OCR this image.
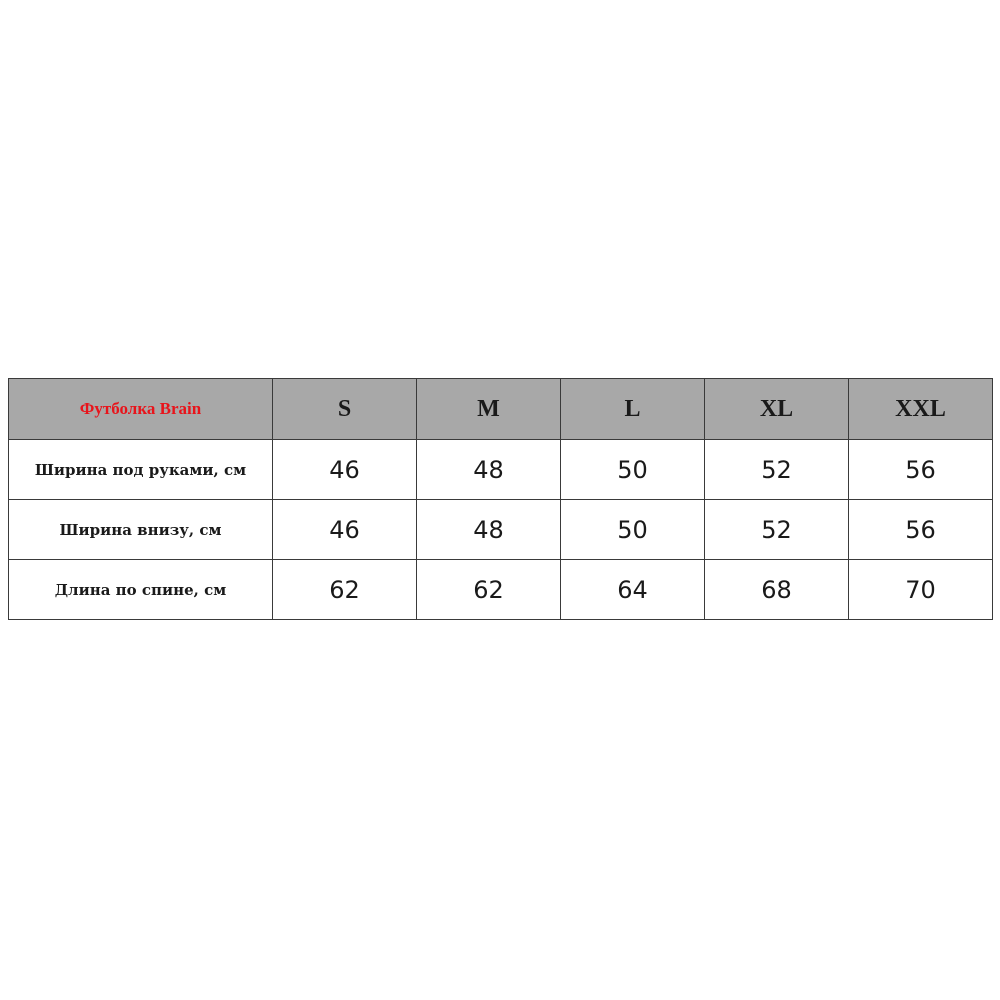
Футболка Brain	S	M	L	XL	XXL
Ширина под руками, см	46	48	50	52	56
Ширина внизу, см	46	48	50	52	56
Длина по спине, см	62	62	64	68	70
